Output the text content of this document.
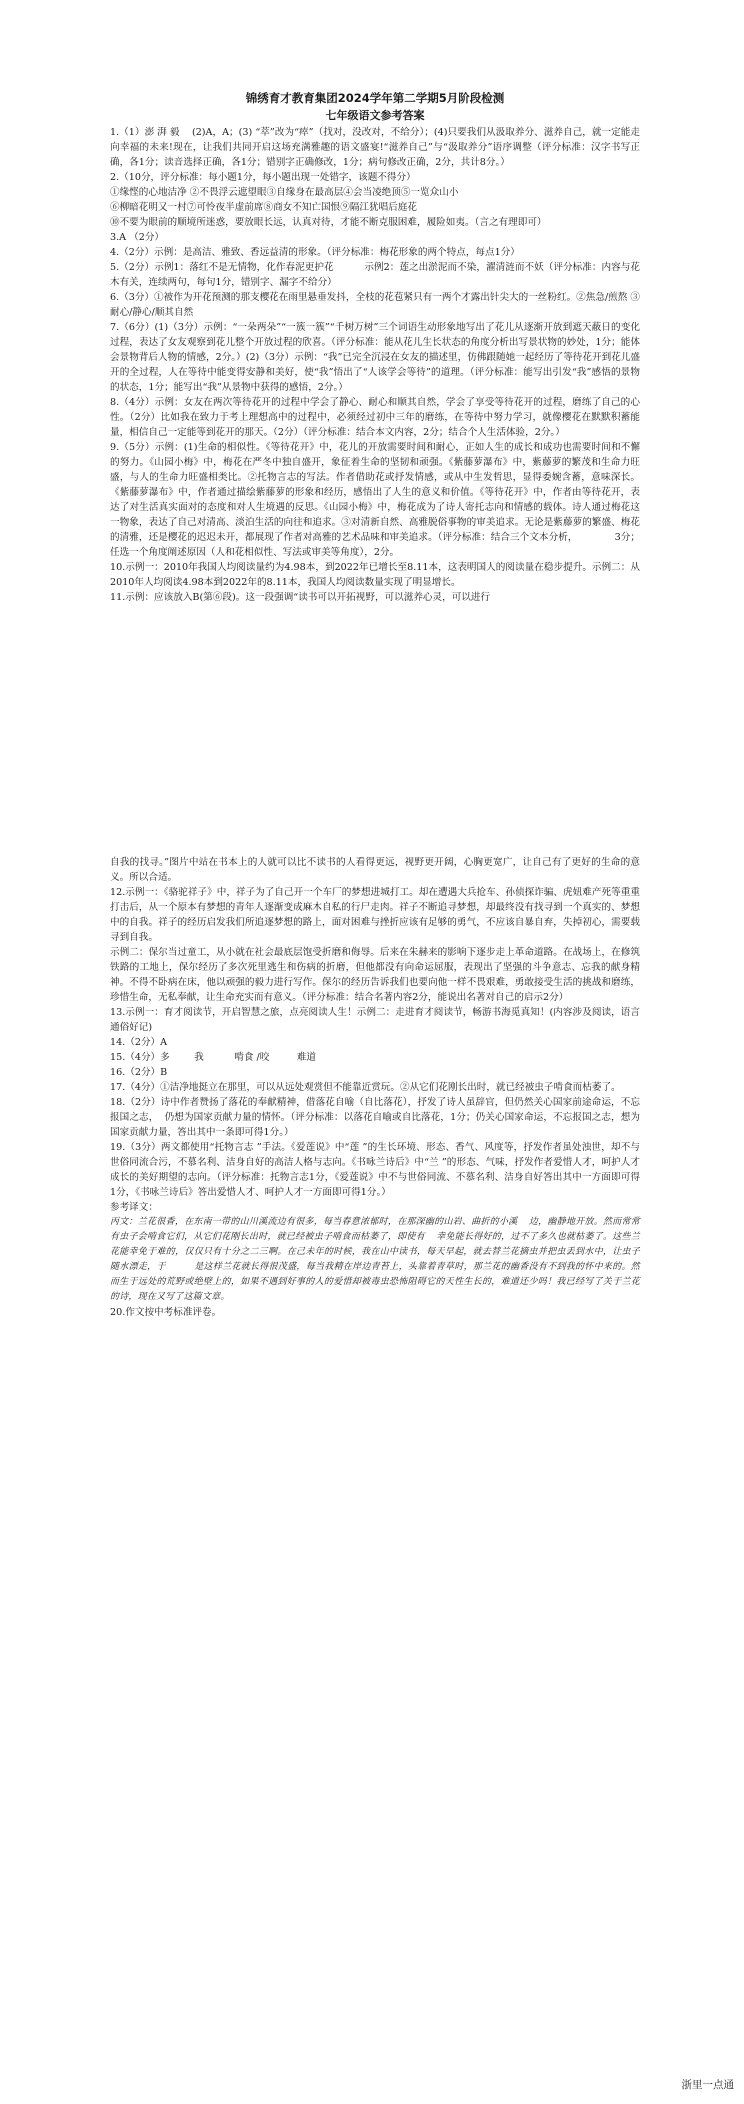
锦绣育才教育集团2024学年第二学期5月阶段检测
七年级语文参考答案

1.（1）澎 湃 毅    (2)A，A；(3) “萃”改为“瘁”（找对，没改对，不给分）；(4)只要我们从汲取养分、滋养自己，就一定能走向幸福的未来!现在，让我们共同开启这场充满雅趣的语文盛宴!“滋养自己”与“汲取养分”语序调整（评分标准：汉字书写正确，各1分；读音选择正确，各1分；错别字正确修改，1分；病句修改正确，2分，共计8分。）

2.（10分，评分标准：每小题1分，每小题出现一处错字，该题不得分）
①缘悭的心地洁净 ②不畏浮云遮望眼③自缘身在最高层④会当凌绝顶⑤一览众山小
⑥柳暗花明又一村⑦可怜夜半虚前席⑧商女不知亡国恨⑨隔江犹唱后庭花
⑩不要为眼前的顺境所迷惑，要放眼长远，认真对待，才能不断克服困难，履险如夷。（言之有理即可）

3.A （2分）

4.（2分）示例：是高洁、雅致、香远益清的形象。（评分标准：梅花形象的两个特点，每点1分）

5.（2分）示例1：落红不是无情物，化作春泥更护花          示例2：莲之出淤泥而不染，濯清涟而不妖（评分标准：内容与花木有关，连续两句，每句1分，错别字、漏字不给分）

6.（3分）①被作为开花预测的那支樱花在雨里悬垂发抖，全枝的花苞紧只有一两个才露出针尖大的一丝粉红。②焦急/煎熬 ③耐心/静心/顺其自然

7.（6分）(1)（3分）示例：“一朵两朵”“一簇一簇”“千树万树”三个词语生动形象地写出了花儿从逐渐开放到遮天蔽日的变化过程，表达了女友观察到花儿整个开放过程的欣喜。（评分标准：能从花儿生长状态的角度分析出写景状物的妙处，1分；能体会景物背后人物的情感，2分。）(2)（3分）示例：“我”已完全沉浸在女友的描述里，仿佛跟随她一起经历了等待花开到花儿盛开的全过程，人在等待中能变得安静和美好，使“我”悟出了“人该学会等待”的道理。（评分标准：能写出引发“我”感悟的景物的状态，1分；能写出“我”从景物中获得的感悟，2分。）

8.（4分）示例：女友在两次等待花开的过程中学会了静心、耐心和顺其自然，学会了享受等待花开的过程，磨练了自己的心性。（2分）比如我在致力于考上理想高中的过程中，必须经过初中三年的磨练，在等待中努力学习，就像樱花在默默积蓄能量，相信自己一定能等到花开的那天。（2分）（评分标准：结合本文内容，2分；结合个人生活体验，2分。）

9.（5分）示例：(1)生命的相似性。《等待花开》中，花儿的开放需要时间和耐心，正如人生的成长和成功也需要时间和不懈的努力。《山园小梅》中，梅花在严冬中独自盛开，象征着生命的坚韧和顽强。《紫藤萝瀑布》中，紫藤萝的繁茂和生命力旺盛，与人的生命力旺盛相类比。②托物言志的写法。作者借助花或抒发情感，或从中生发哲思，显得委婉含蓄，意味深长。《紫藤萝瀑布》中，作者通过描绘紫藤萝的形象和经历，感悟出了人生的意义和价值。《等待花开》中，作者由等待花开，表达了对生活真实面对的态度和对人生境遇的反思。《山园小梅》中，梅花成为了诗人寄托志向和情感的载体。诗人通过梅花这一物象，表达了自己对清高、淡泊生活的向往和追求。③对清新自然、高雅脱俗事物的审美追求。无论是紫藤萝的繁盛、梅花的清雅，还是樱花的迟迟未开，都展现了作者对高雅的艺术品味和审美追求。（评分标准：结合三个文本分析，            3分；任选一个角度阐述原因（人和花相似性、写法或审美等角度），2分。

10.示例一：2010年我国人均阅读量约为4.98本，到2022年已增长至8.11本，这表明国人的阅读量在稳步提升。示例二：从2010年人均阅读4.98本到2022年的8.11本，我国人均阅读数量实现了明显增长。

11.示例：应该放入B(第⑥段)。这一段强调“读书可以开拓视野，可以滋养心灵，可以进行

自我的找寻。”图片中站在书本上的人就可以比不读书的人看得更远，视野更开阔，心胸更宽广，让自己有了更好的生命的意义。所以合适。

12.示例一：《骆驼祥子》中，祥子为了自己开一个车厂的梦想进城打工。却在遭遇大兵抢车、孙侦探诈骗、虎妞难产死等重重打击后，从一个原本有梦想的青年人逐渐变成麻木自私的行尸走肉。祥子不断追寻梦想，却最终没有找寻到一个真实的、梦想中的自我。祥子的经历启发我们所追逐梦想的路上，面对困难与挫折应该有足够的勇气，不应该自暴自弃，失掉初心，需要载寻到自我。

示例二：保尔当过童工，从小就在社会最底层饱受折磨和侮辱。后来在朱赫来的影响下逐步走上革命道路。在战场上，在修筑铁路的工地上，保尔经历了多次死里逃生和伤病的折磨，但他都没有向命运屈服，表现出了坚强的斗争意志、忘我的献身精神。不得不卧病在床，他以顽强的毅力进行写作。保尔的经历告诉我们也要向他一样不畏艰难，勇敢接受生活的挑战和磨练，珍惜生命，无私奉献，让生命充实而有意义。（评分标准：结合名著内容2分，能说出名著对自己的启示2分）

13.示例一：育才阅读节，开启智慧之旅，点亮阅读人生！示例二：走进育才阅读节，畅游书海觅真知！(内容涉及阅读，语言通俗好记)

14.（2分）A

15.（4分）多        我          啃食 /咬         难道

16.（2分）B

17.（4分）①洁净地挺立在那里，可以从远处观赏但不能靠近赏玩。②从它们花刚长出时，就已经被虫子啃食而枯萎了。

18.（2分）诗中作者赞扬了落花的奉献精神，借落花自喻（自比落花），抒发了诗人虽辞官，但仍然关心国家前途命运，不忘报国之志，  仍想为国家贡献力量的情怀。（评分标准：以落花自喻或自比落花，1分；仍关心国家命运，不忘报国之志，想为国家贡献力量，答出其中一条即可得1分。）

19.（3分）两文都使用“托物言志 ”手法。《爱莲说》中“莲 ”的生长环境、形态、香气、风度等，抒发作者虽处浊世，却不与世俗同流合污，不慕名利、洁身自好的高洁人格与志向。《书咏兰诗后》中“兰 ”的形态、气味，抒发作者爱惜人才，呵护人才成长的美好期望的志向。（评分标准：托物言志1分，《爱莲说》中不与世俗同流、不慕名利、洁身自好答出其中一方面即可得1分，《书咏兰诗后》答出爱惜人才、呵护人才一方面即可得1分。）

参考译文：

丙文：兰花很香，在东南一带的山川溪流边有很多，每当春意浓郁时，在那深幽的山岩、曲折的小溪  边，幽静地开放。然而常常有虫子会啃食它们，从它们花刚长出时，就已经被虫子啃食而枯萎了，即使有  幸免能长得好的，过不了多久也就枯萎了。这些兰花能幸免于难的，仅仅只有十分之二三啊。在己未年的时候，我在山中读书，每天早起，就去替兰花摘虫并把虫丢到水中，让虫子随水漂走，于     是这样兰花就长得很茂盛，每当我精在岸边青苔上，头靠着青草时，那兰花的幽香没有不到我的怀中来的。然而生于远处的荒野或绝壁上的，如果不遇到好事的人的爱惜却被毒虫恐怖阻碍它的天性生长的，难道还少吗！我已经写了关于兰花的诗，现在又写了这篇文章。

20.作文按中考标准评卷。

浙里一点通
